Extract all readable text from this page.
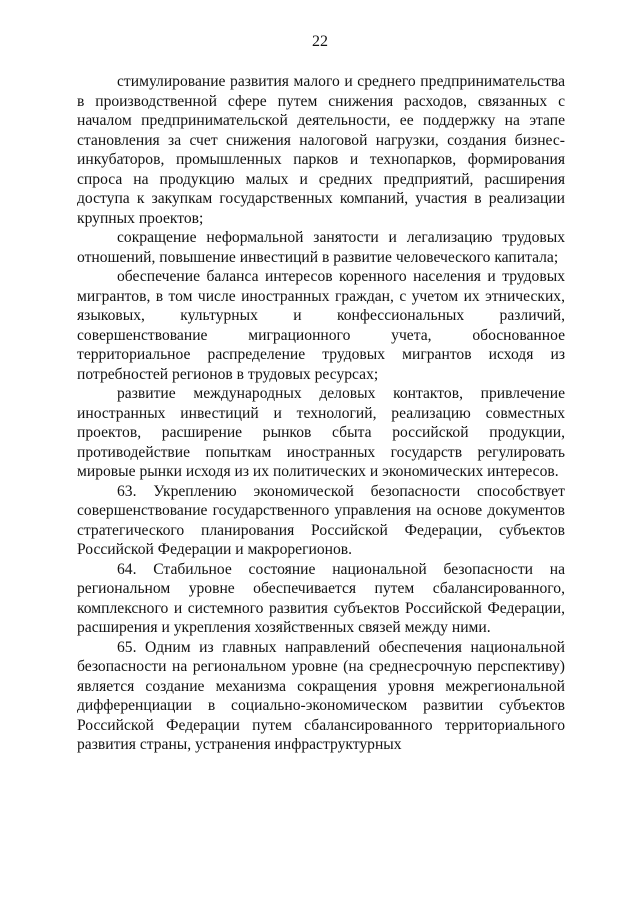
22

стимулирование развития малого и среднего предпринимательства в производственной сфере путем снижения расходов, связанных с началом предпринимательской деятельности, ее поддержку на этапе становления за счет снижения налоговой нагрузки, создания бизнес-инкубаторов, промышленных парков и технопарков, формирования спроса на продукцию малых и средних предприятий, расширения доступа к закупкам государственных компаний, участия в реализации крупных проектов;

сокращение неформальной занятости и легализацию трудовых отношений, повышение инвестиций в развитие человеческого капитала;

обеспечение баланса интересов коренного населения и трудовых мигрантов, в том числе иностранных граждан, с учетом их этнических, языковых, культурных и конфессиональных различий, совершенствование миграционного учета, обоснованное территориальное распределение трудовых мигрантов исходя из потребностей регионов в трудовых ресурсах;

развитие международных деловых контактов, привлечение иностранных инвестиций и технологий, реализацию совместных проектов, расширение рынков сбыта российской продукции, противодействие попыткам иностранных государств регулировать мировые рынки исходя из их политических и экономических интересов.

63. Укреплению экономической безопасности способствует совершенствование государственного управления на основе документов стратегического планирования Российской Федерации, субъектов Российской Федерации и макрорегионов.

64. Стабильное состояние национальной безопасности на региональном уровне обеспечивается путем сбалансированного, комплексного и системного развития субъектов Российской Федерации, расширения и укрепления хозяйственных связей между ними.

65. Одним из главных направлений обеспечения национальной безопасности на региональном уровне (на среднесрочную перспективу) является создание механизма сокращения уровня межрегиональной дифференциации в социально-экономическом развитии субъектов Российской Федерации путем сбалансированного территориального развития страны, устранения инфраструктурных
